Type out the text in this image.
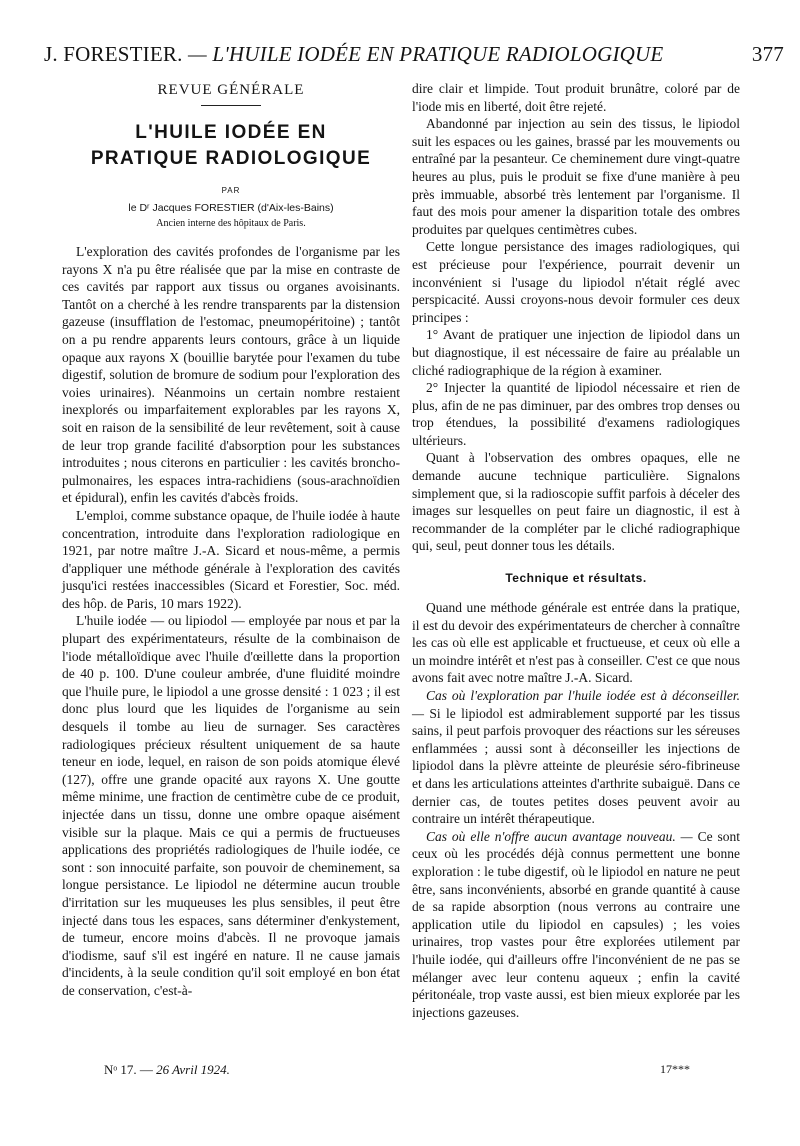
J. FORESTIER. — L'HUILE IODÉE EN PRATIQUE RADIOLOGIQUE	377
REVUE GÉNÉRALE
L'HUILE IODÉE EN
PRATIQUE RADIOLOGIQUE
PAR
le Dʳ Jacques FORESTIER (d'Aix-les-Bains)
Ancien interne des hôpitaux de Paris.

L'exploration des cavités profondes de l'organisme par les rayons X n'a pu être réalisée que par la mise en contraste de ces cavités par rapport aux tissus ou organes avoisinants. Tantôt on a cherché à les rendre transparents par la distension gazeuse (insufflation de l'estomac, pneumopéritoine) ; tantôt on a pu rendre apparents leurs contours, grâce à un liquide opaque aux rayons X (bouillie barytée pour l'examen du tube digestif, solution de bromure de sodium pour l'exploration des voies urinaires). Néanmoins un certain nombre restaient inexplorés ou imparfaitement explorables par les rayons X, soit en raison de la sensibilité de leur revêtement, soit à cause de leur trop grande facilité d'absorption pour les substances introduites ; nous citerons en particulier : les cavités broncho-pulmonaires, les espaces intra-rachidiens (sous-arachnoïdien et épidural), enfin les cavités d'abcès froids.

L'emploi, comme substance opaque, de l'huile iodée à haute concentration, introduite dans l'exploration radiologique en 1921, par notre maître J.-A. Sicard et nous-même, a permis d'appliquer une méthode générale à l'exploration des cavités jusqu'ici restées inaccessibles (Sicard et Forestier, Soc. méd. des hôp. de Paris, 10 mars 1922).

L'huile iodée — ou lipiodol — employée par nous et par la plupart des expérimentateurs, résulte de la combinaison de l'iode métalloïdique avec l'huile d'œillette dans la proportion de 40 p. 100. D'une couleur ambrée, d'une fluidité moindre que l'huile pure, le lipiodol a une grosse densité : 1 023 ; il est donc plus lourd que les liquides de l'organisme au sein desquels il tombe au lieu de surnager. Ses caractères radiologiques précieux résultent uniquement de sa haute teneur en iode, lequel, en raison de son poids atomique élevé (127), offre une grande opacité aux rayons X. Une goutte même minime, une fraction de centimètre cube de ce produit, injectée dans un tissu, donne une ombre opaque aisément visible sur la plaque. Mais ce qui a permis de fructueuses applications des propriétés radiologiques de l'huile iodée, ce sont : son innocuité parfaite, son pouvoir de cheminement, sa longue persistance. Le lipiodol ne détermine aucun trouble d'irritation sur les muqueuses les plus sensibles, il peut être injecté dans tous les espaces, sans déterminer d'enkystement, de tumeur, encore moins d'abcès. Il ne provoque jamais d'iodisme, sauf s'il est ingéré en nature. Il ne cause jamais d'incidents, à la seule condition qu'il soit employé en bon état de conservation, c'est-à-

dire clair et limpide. Tout produit brunâtre, coloré par de l'iode mis en liberté, doit être rejeté.

Abandonné par injection au sein des tissus, le lipiodol suit les espaces ou les gaines, brassé par les mouvements ou entraîné par la pesanteur. Ce cheminement dure vingt-quatre heures au plus, puis le produit se fixe d'une manière à peu près immuable, absorbé très lentement par l'organisme. Il faut des mois pour amener la disparition totale des ombres produites par quelques centimètres cubes.

Cette longue persistance des images radiologiques, qui est précieuse pour l'expérience, pourrait devenir un inconvénient si l'usage du lipiodol n'était réglé avec perspicacité. Aussi croyons-nous devoir formuler ces deux principes :

1° Avant de pratiquer une injection de lipiodol dans un but diagnostique, il est nécessaire de faire au préalable un cliché radiographique de la région à examiner.

2° Injecter la quantité de lipiodol nécessaire et rien de plus, afin de ne pas diminuer, par des ombres trop denses ou trop étendues, la possibilité d'examens radiologiques ultérieurs.

Quant à l'observation des ombres opaques, elle ne demande aucune technique particulière. Signalons simplement que, si la radioscopie suffit parfois à déceler des images sur lesquelles on peut faire un diagnostic, il est à recommander de la compléter par le cliché radiographique qui, seul, peut donner tous les détails.

Technique et résultats.

Quand une méthode générale est entrée dans la pratique, il est du devoir des expérimentateurs de chercher à connaître les cas où elle est applicable et fructueuse, et ceux où elle a un moindre intérêt et n'est pas à conseiller. C'est ce que nous avons fait avec notre maître J.-A. Sicard.

Cas où l'exploration par l'huile iodée est à déconseiller. — Si le lipiodol est admirablement supporté par les tissus sains, il peut parfois provoquer des réactions sur les séreuses enflammées ; aussi sont à déconseiller les injections de lipiodol dans la plèvre atteinte de pleurésie séro-fibrineuse et dans les articulations atteintes d'arthrite subaiguë. Dans ce dernier cas, de toutes petites doses peuvent avoir au contraire un intérêt thérapeutique.

Cas où elle n'offre aucun avantage nouveau. — Ce sont ceux où les procédés déjà connus permettent une bonne exploration : le tube digestif, où le lipiodol en nature ne peut être, sans inconvénients, absorbé en grande quantité à cause de sa rapide absorption (nous verrons au contraire une application utile du lipiodol en capsules) ; les voies urinaires, trop vastes pour être explorées utilement par l'huile iodée, qui d'ailleurs offre l'inconvénient de ne pas se mélanger avec leur contenu aqueux ; enfin la cavité péritonéale, trop vaste aussi, est bien mieux explorée par les injections gazeuses.

Nᵒ 17. — 26 Avril 1924.	17***
